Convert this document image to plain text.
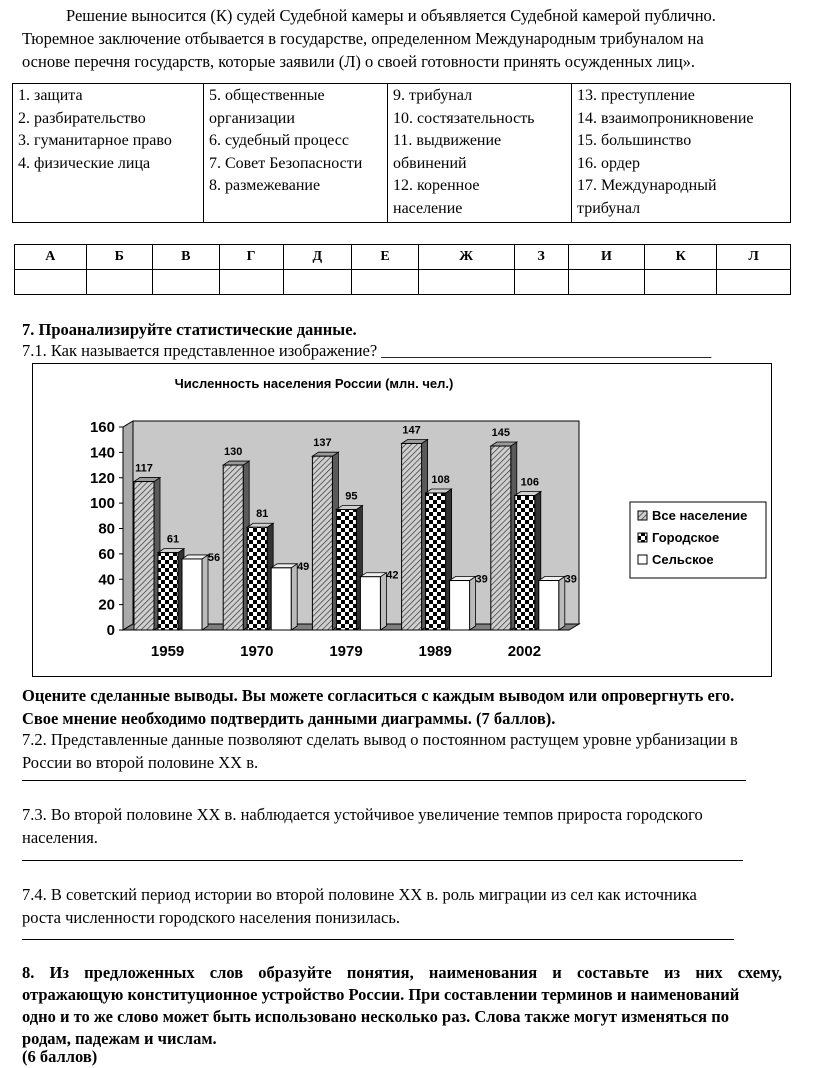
Решение выносится (К) судей Судебной камеры и объявляется Судебной камерой публично.

Тюремное заключение отбывается в государстве, определенном Международным трибуналом на
основе перечня государств, которые заявили (Л) о своей готовности принять осужденных лиц».
1. защита
2. разбирательство
3. гуманитарное право
4. физические лица

5. общественные
организации
6. судебный процесс
7. Совет Безопасности
8. размежевание

9. трибунал
10. состязательность
11. выдвижение
обвинений
12. коренное
население

13. преступление
14. взаимопроникновение
15. большинство
16. ордер
17. Международный
трибунал
А	Б	В	Г	Д	Е	Ж	З	И	К	Л

7. Проанализируйте статистические данные.
7.1. Как называется представленное изображение? ________________________________________
Численность населения России (млн. чел.)
0
20
40
60
80
100
120
140
160
117
61
56
1959
130
81
49
1970
137
95
42
1979
147
108
39
1989
145
106
39
2002
Все население
Городское
Сельское
Оцените сделанные выводы. Вы можете согласиться с каждым выводом или опровергнуть его.
Свое мнение необходимо подтвердить данными диаграммы. (7 баллов).
7.2. Представленные данные позволяют сделать вывод о постоянном растущем уровне урбанизации в
России во второй половине XX в.
7.3. Во второй половине XX в. наблюдается устойчивое увеличение темпов прироста городского
населения.
7.4. В советский период истории во второй половине XX в. роль миграции из сел как источника
роста численности городского населения понизилась.
8. Из предложенных слов образуйте понятия, наименования и составьте из них схему,
отражающую конституционное устройство России. При составлении терминов и наименований
одно и то же слово может быть использовано несколько раз. Слова также могут изменяться по
родам, падежам и числам.
(6 баллов)
